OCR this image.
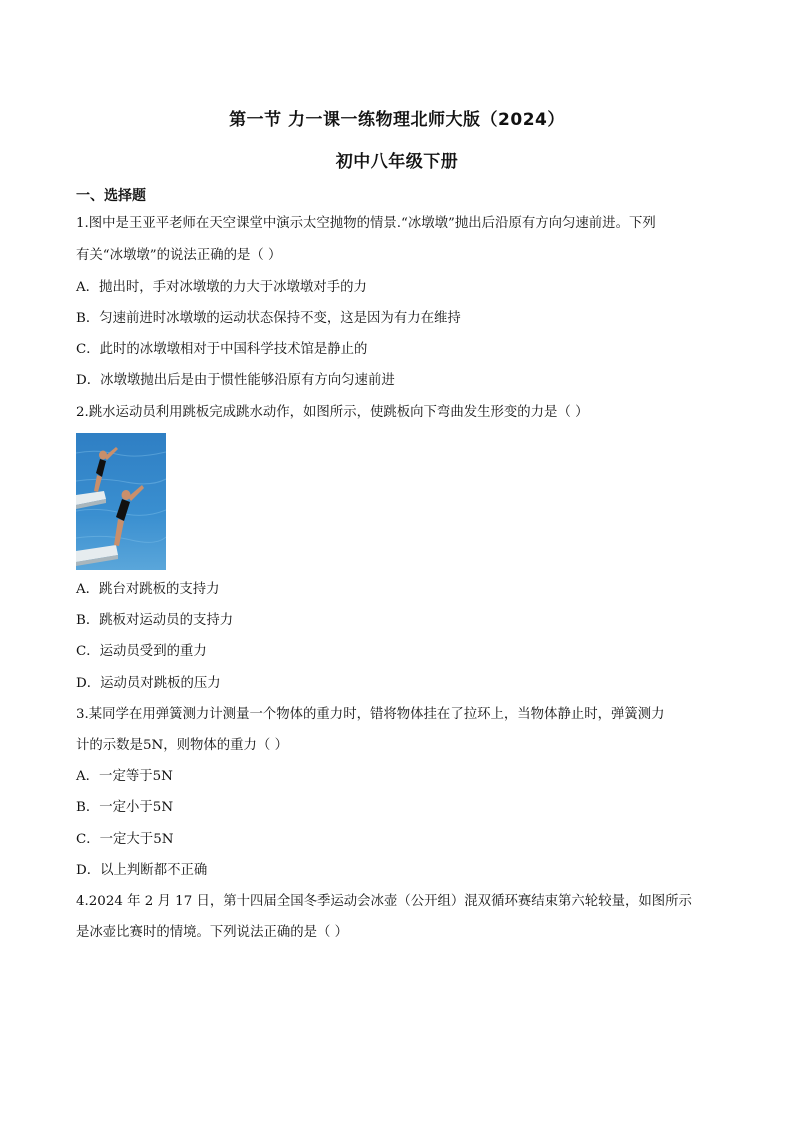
第一节 力一课一练物理北师大版（2024）
初中八年级下册
一、选择题
1.图中是王亚平老师在天空课堂中演示太空抛物的情景.“冰墩墩”抛出后沿原有方向匀速前进。下列
有关“冰墩墩”的说法正确的是（ ）
A．抛出时，手对冰墩墩的力大于冰墩墩对手的力
B．匀速前进时冰墩墩的运动状态保持不变，这是因为有力在维持
C．此时的冰墩墩相对于中国科学技术馆是静止的
D．冰墩墩抛出后是由于惯性能够沿原有方向匀速前进
2.跳水运动员利用跳板完成跳水动作，如图所示，使跳板向下弯曲发生形变的力是（ ）
A．跳台对跳板的支持力
B．跳板对运动员的支持力
C．运动员受到的重力
D．运动员对跳板的压力
3.某同学在用弹簧测力计测量一个物体的重力时，错将物体挂在了拉环上，当物体静止时，弹簧测力
计的示数是5N，则物体的重力（ ）
A．一定等于5N
B．一定小于5N
C．一定大于5N
D．以上判断都不正确
4.2024 年 2 月 17 日，第十四届全国冬季运动会冰壶（公开组）混双循环赛结束第六轮较量，如图所示
是冰壶比赛时的情境。下列说法正确的是（ ）
